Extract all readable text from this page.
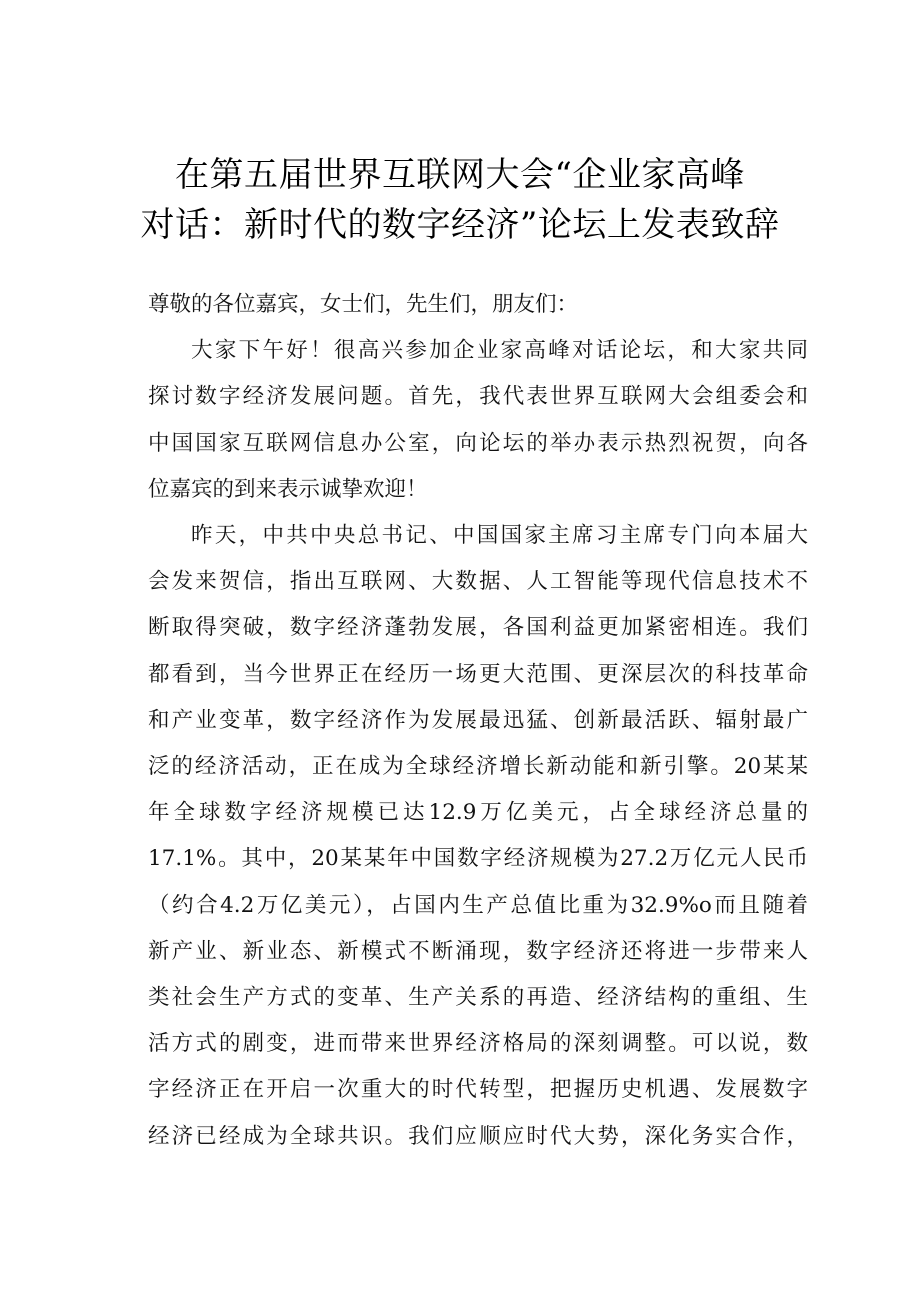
在第五届世界互联网大会“企业家高峰
对话：新时代的数字经济”论坛上发表致辞

尊敬的各位嘉宾，女士们，先生们，朋友们：

大家下午好！很高兴参加企业家高峰对话论坛，和大家共同
探讨数字经济发展问题。首先，我代表世界互联网大会组委会和
中国国家互联网信息办公室，向论坛的举办表示热烈祝贺，向各
位嘉宾的到来表示诚挚欢迎！

昨天，中共中央总书记、中国国家主席习主席专门向本届大
会发来贺信，指出互联网、大数据、人工智能等现代信息技术不
断取得突破，数字经济蓬勃发展，各国利益更加紧密相连。我们
都看到，当今世界正在经历一场更大范围、更深层次的科技革命
和产业变革，数字经济作为发展最迅猛、创新最活跃、辐射最广
泛的经济活动，正在成为全球经济增长新动能和新引擎。20某某
年全球数字经济规模已达12.9万亿美元，占全球经济总量的
17.1%。其中，20某某年中国数字经济规模为27.2万亿元人民币
（约合4.2万亿美元），占国内生产总值比重为32.9%o而且随着
新产业、新业态、新模式不断涌现，数字经济还将进一步带来人
类社会生产方式的变革、生产关系的再造、经济结构的重组、生
活方式的剧变，进而带来世界经济格局的深刻调整。可以说，数
字经济正在开启一次重大的时代转型，把握历史机遇、发展数字
经济已经成为全球共识。我们应顺应时代大势，深化务实合作，
